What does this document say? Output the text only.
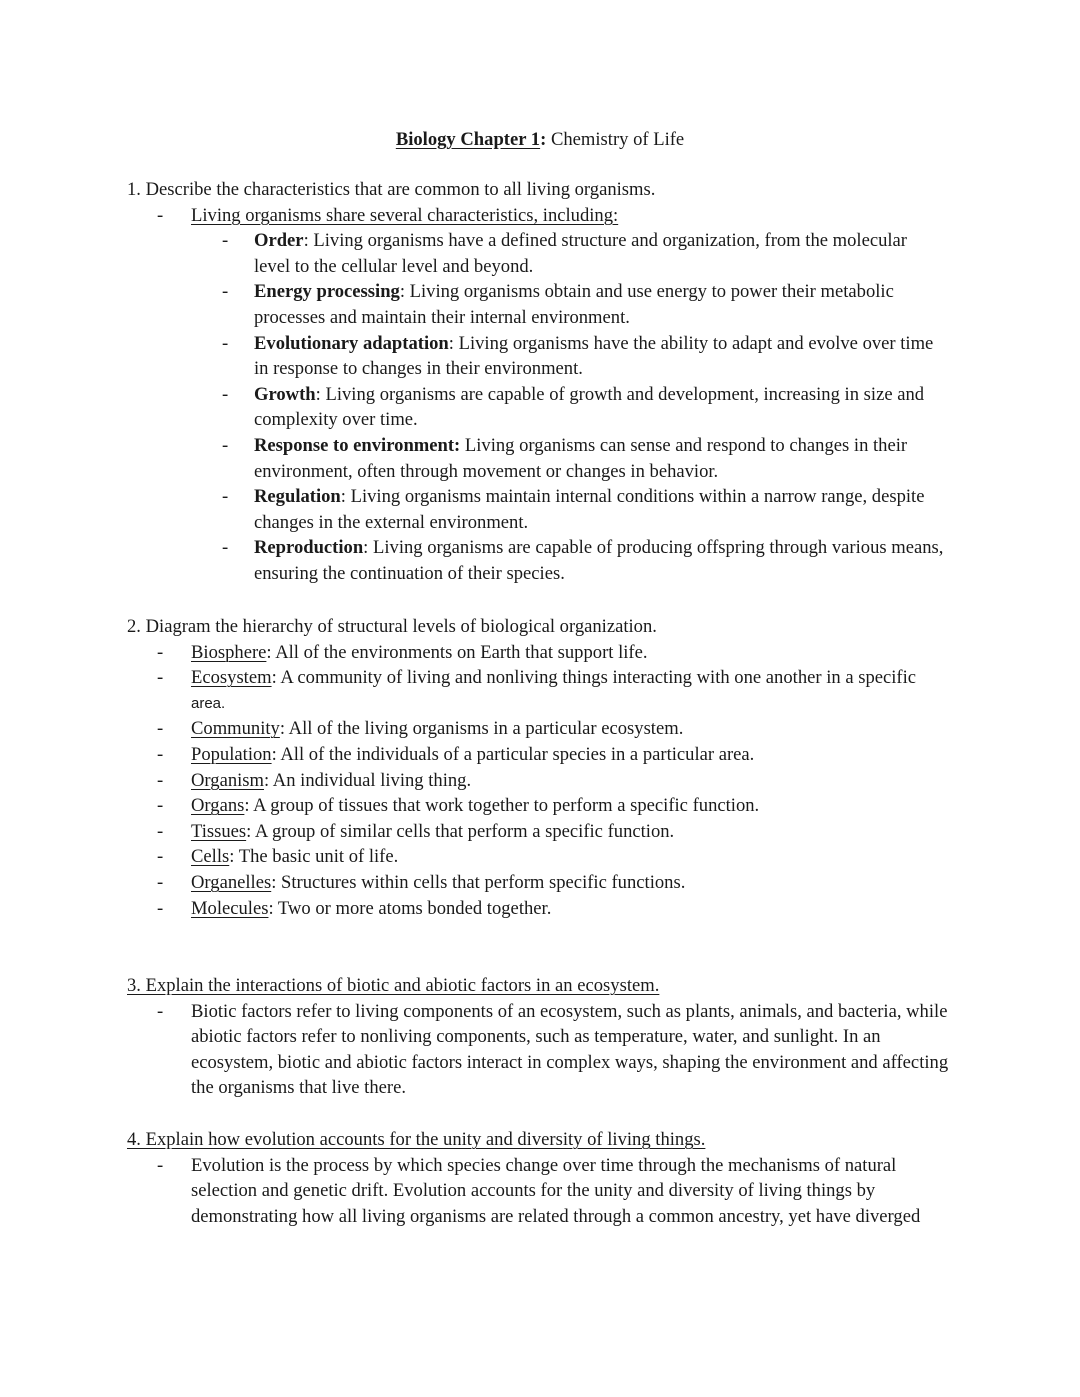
Biology Chapter 1: Chemistry of Life

1. Describe the characteristics that are common to all living organisms.

- Living organisms share several characteristics, including:

- Order: Living organisms have a defined structure and organization, from the molecular level to the cellular level and beyond.

- Energy processing: Living organisms obtain and use energy to power their metabolic processes and maintain their internal environment.

- Evolutionary adaptation: Living organisms have the ability to adapt and evolve over time in response to changes in their environment.

- Growth: Living organisms are capable of growth and development, increasing in size and complexity over time.

- Response to environment: Living organisms can sense and respond to changes in their environment, often through movement or changes in behavior.

- Regulation: Living organisms maintain internal conditions within a narrow range, despite changes in the external environment.

- Reproduction: Living organisms are capable of producing offspring through various means, ensuring the continuation of their species.

2. Diagram the hierarchy of structural levels of biological organization.

- Biosphere: All of the environments on Earth that support life.

- Ecosystem: A community of living and nonliving things interacting with one another in a specific

area.

- Community: All of the living organisms in a particular ecosystem.

- Population: All of the individuals of a particular species in a particular area.

- Organism: An individual living thing.

- Organs: A group of tissues that work together to perform a specific function.

- Tissues: A group of similar cells that perform a specific function.

- Cells: The basic unit of life.

- Organelles: Structures within cells that perform specific functions.

- Molecules: Two or more atoms bonded together.

3. Explain the interactions of biotic and abiotic factors in an ecosystem.

- Biotic factors refer to living components of an ecosystem, such as plants, animals, and bacteria, while abiotic factors refer to nonliving components, such as temperature, water, and sunlight. In an ecosystem, biotic and abiotic factors interact in complex ways, shaping the environment and affecting the organisms that live there.

4. Explain how evolution accounts for the unity and diversity of living things.

- Evolution is the process by which species change over time through the mechanisms of natural selection and genetic drift. Evolution accounts for the unity and diversity of living things by demonstrating how all living organisms are related through a common ancestry, yet have diverged
